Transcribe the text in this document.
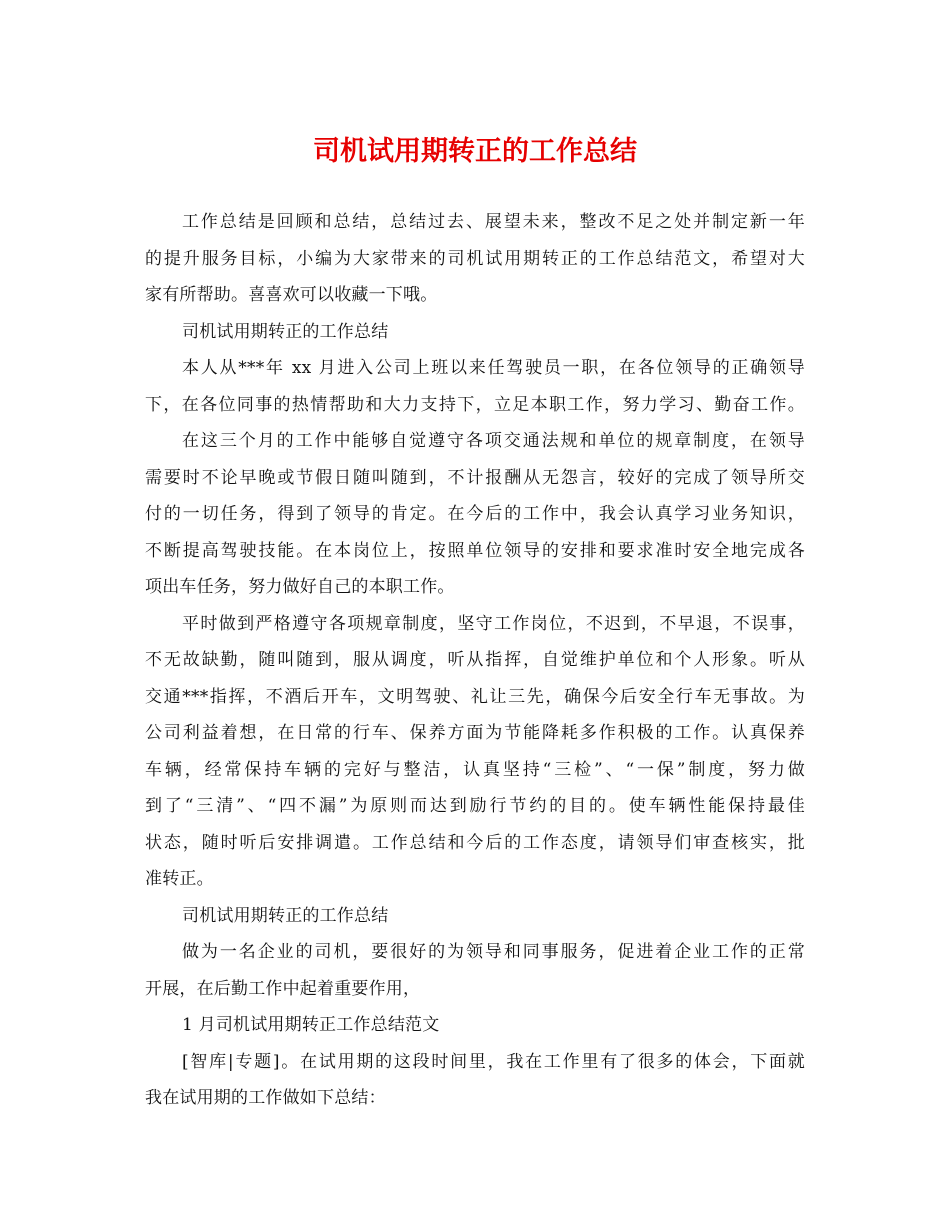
司机试用期转正的工作总结
工作总结是回顾和总结，总结过去、展望未来，整改不足之处并制定新一年
的提升服务目标，小编为大家带来的司机试用期转正的工作总结范文，希望对大
家有所帮助。喜喜欢可以收藏一下哦。
司机试用期转正的工作总结
本人从***年 xx 月进入公司上班以来任驾驶员一职，在各位领导的正确领导
下，在各位同事的热情帮助和大力支持下，立足本职工作，努力学习、勤奋工作。
在这三个月的工作中能够自觉遵守各项交通法规和单位的规章制度，在领导
需要时不论早晚或节假日随叫随到，不计报酬从无怨言，较好的完成了领导所交
付的一切任务，得到了领导的肯定。在今后的工作中，我会认真学习业务知识，
不断提高驾驶技能。在本岗位上，按照单位领导的安排和要求准时安全地完成各
项出车任务，努力做好自己的本职工作。
平时做到严格遵守各项规章制度，坚守工作岗位，不迟到，不早退，不误事，
不无故缺勤，随叫随到，服从调度，听从指挥，自觉维护单位和个人形象。听从
交通***指挥，不酒后开车，文明驾驶、礼让三先，确保今后安全行车无事故。为
公司利益着想，在日常的行车、保养方面为节能降耗多作积极的工作。认真保养
车辆，经常保持车辆的完好与整洁，认真坚持“三检”、“一保”制度，努力做
到了“三清”、“四不漏”为原则而达到励行节约的目的。使车辆性能保持最佳
状态，随时听后安排调遣。工作总结和今后的工作态度，请领导们审查核实，批
准转正。
司机试用期转正的工作总结
做为一名企业的司机，要很好的为领导和同事服务，促进着企业工作的正常
开展，在后勤工作中起着重要作用，
1 月司机试用期转正工作总结范文
[智库|专题]。在试用期的这段时间里，我在工作里有了很多的体会，下面就
我在试用期的工作做如下总结：
